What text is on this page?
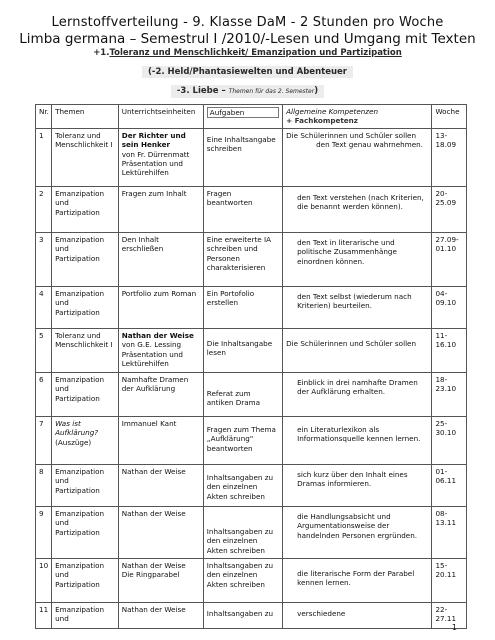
Lernstoffverteilung - 9. Klasse DaM - 2 Stunden pro Woche
Limba germana – Semestrul I /2010/-Lesen und Umgang mit Texten
+1.Toleranz und Menschlichkeit/ Emanzipation und Partizipation
(-2. Held/Phantasiewelten und Abenteuer
-3. Liebe – Themen für das 2. Semester)
Nr.	Themen	Unterrichtseinheiten	Aufgaben	Allgemeine Kompetenzen
+ Fachkompetenz	Woche
1	Toleranz und Menschlichkeit I	Der Richter und sein Henker
von Fr. Dürrenmatt Präsentation und Lektürehilfen	Eine Inhaltsangabe schreiben	Die Schülerinnen und Schüler sollen
den Text genau wahrnehmen.	13-18.09
2	Emanzipation und Partizipation	Fragen zum Inhalt	Fragen beantworten	den Text verstehen (nach Kriterien, die benannt werden können).	20-25.09
3	Emanzipation und Partizipation	Den Inhalt erschließen	Eine erweiterte IA schreiben und Personen charakterisieren	den Text in literarische und politische Zusammenhänge einordnen können.	27.09-01.10
4	Emanzipation und Partizipation	Portfolio zum Roman	Ein Portofolio erstellen	den Text selbst (wiederum nach Kriterien) beurteilen.	04-09.10
5	Toleranz und Menschlichkeit I	Nathan der Weise
von G.E. Lessing Präsentation und Lektürehilfen	Die Inhaltsangabe lesen	Die Schülerinnen und Schüler sollen	11-16.10
6	Emanzipation und Partizipation	Namhafte Dramen der Aufklärung	Referat zum antiken Drama	Einblick in drei namhafte Dramen der Aufklärung erhalten.	18-23.10
7	Was ist Aufklärung?
(Auszüge)	Immanuel Kant	Fragen zum Thema „Aufklärung" beantworten	ein Literaturlexikon als Informationsquelle kennen lernen.	25-30.10
8	Emanzipation und Partizipation	Nathan der Weise	Inhaltsangaben zu den einzelnen Akten schreiben	sich kurz über den Inhalt eines Dramas informieren.	01-06.11
9	Emanzipation und Partizipation	Nathan der Weise	Inhaltsangaben zu den einzelnen Akten schreiben	die Handlungsabsicht und Argumentationsweise der handelnden Personen ergründen.	08-13.11
10	Emanzipation und Partizipation	Nathan der Weise Die Ringparabel	Inhaltsangaben zu den einzelnen Akten schreiben	die literarische Form der Parabel kennen lernen.	15-20.11
11	Emanzipation und	Nathan der Weise	Inhaltsangaben zu	verschiedene	22-27.11
1
